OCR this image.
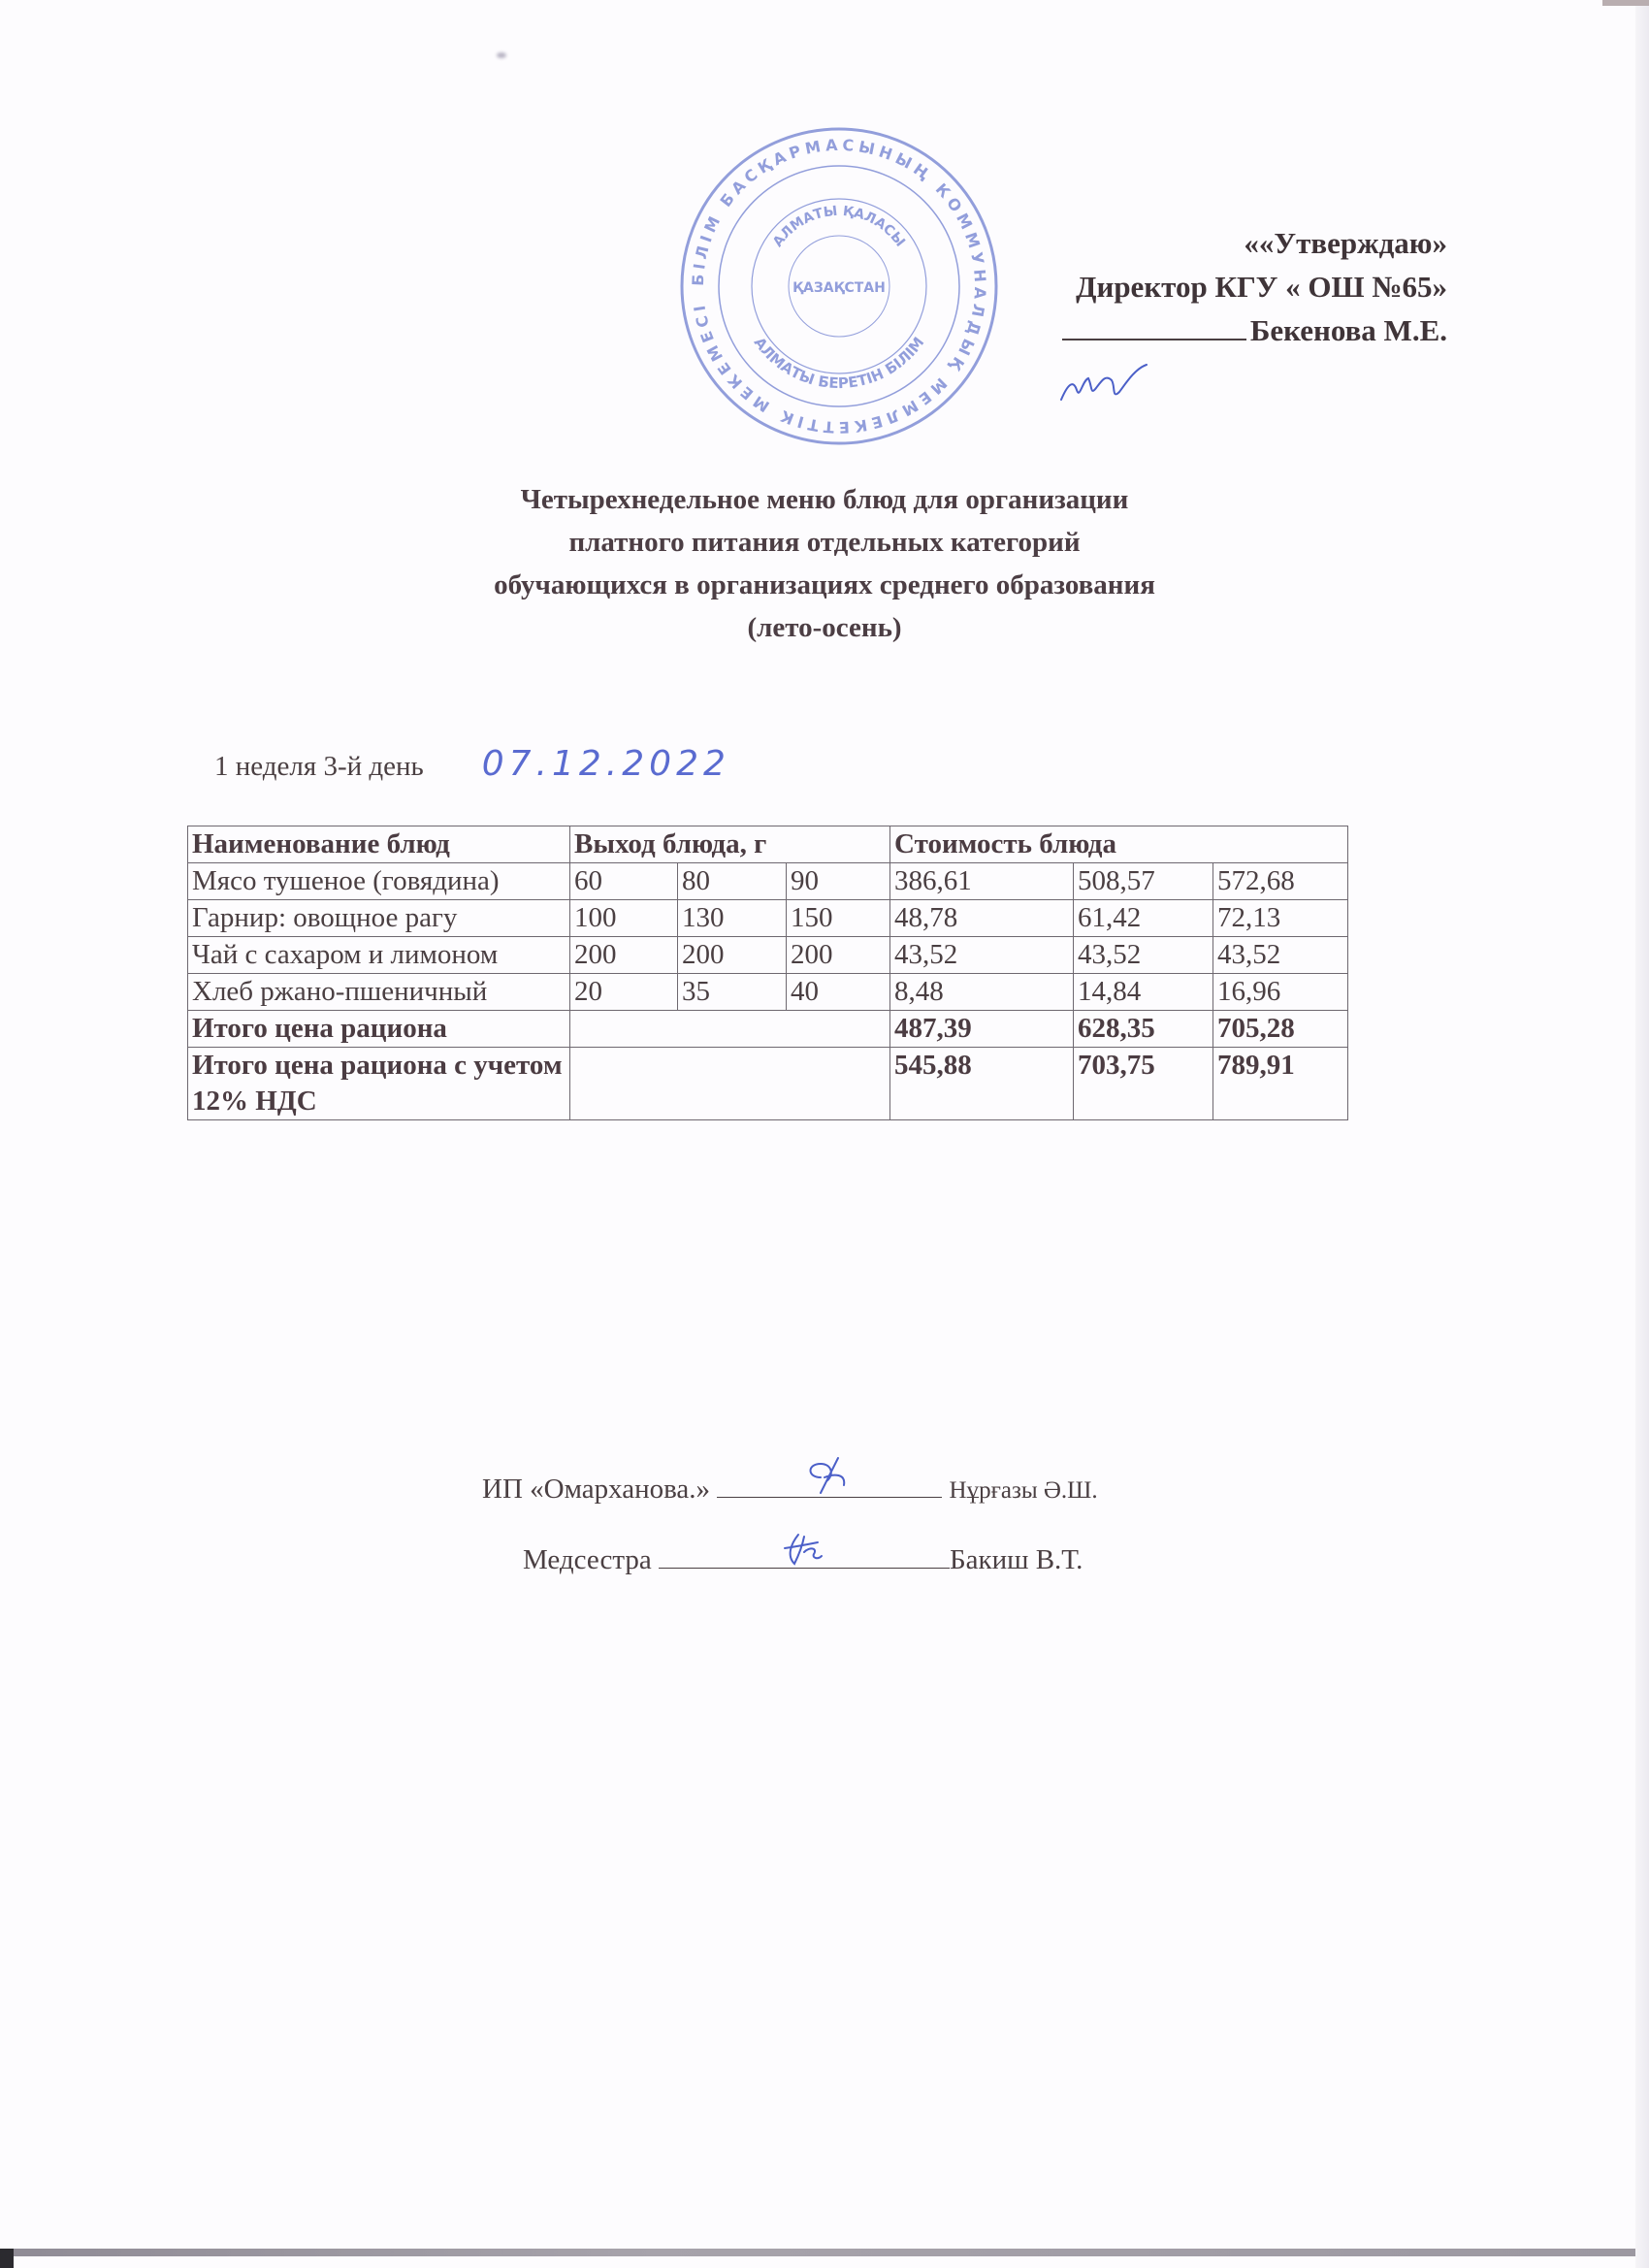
БІЛІМ БАСҚАРМАСЫНЫҢ КОММУНАЛДЫҚ МЕМЛЕКЕТТІК МЕКЕМЕСІ
АЛМАТЫ БЕРЕТІН БІЛІМ
АЛМАТЫ ҚАЛАСЫ
ҚАЗАҚСТАН
««Утверждаю»
Директор КГУ « ОШ №65»
Бекенова М.Е.
Четырехнедельное меню блюд для организации
платного питания отдельных категорий
обучающихся в организациях среднего образования
(лето-осень)
1 неделя 3-й день 07.12.2022
Наименование блюд	Выход блюда, г			Стоимость блюда		
Мясо тушеное (говядина)	60	80	90	386,61	508,57	572,68
Гарнир: овощное рагу	100	130	150	48,78	61,42	72,13
Чай с сахаром и лимоном	200	200	200	43,52	43,52	43,52
Хлеб ржано-пшеничный	20	35	40	8,48	14,84	16,96
Итого цена рациона				487,39	628,35	705,28
Итого цена рациона с учетом 12% НДС				545,88	703,75	789,91
ИП «Омарханова.»	Нұрғазы Ә.Ш.
Медсестра	Бакиш В.Т.
